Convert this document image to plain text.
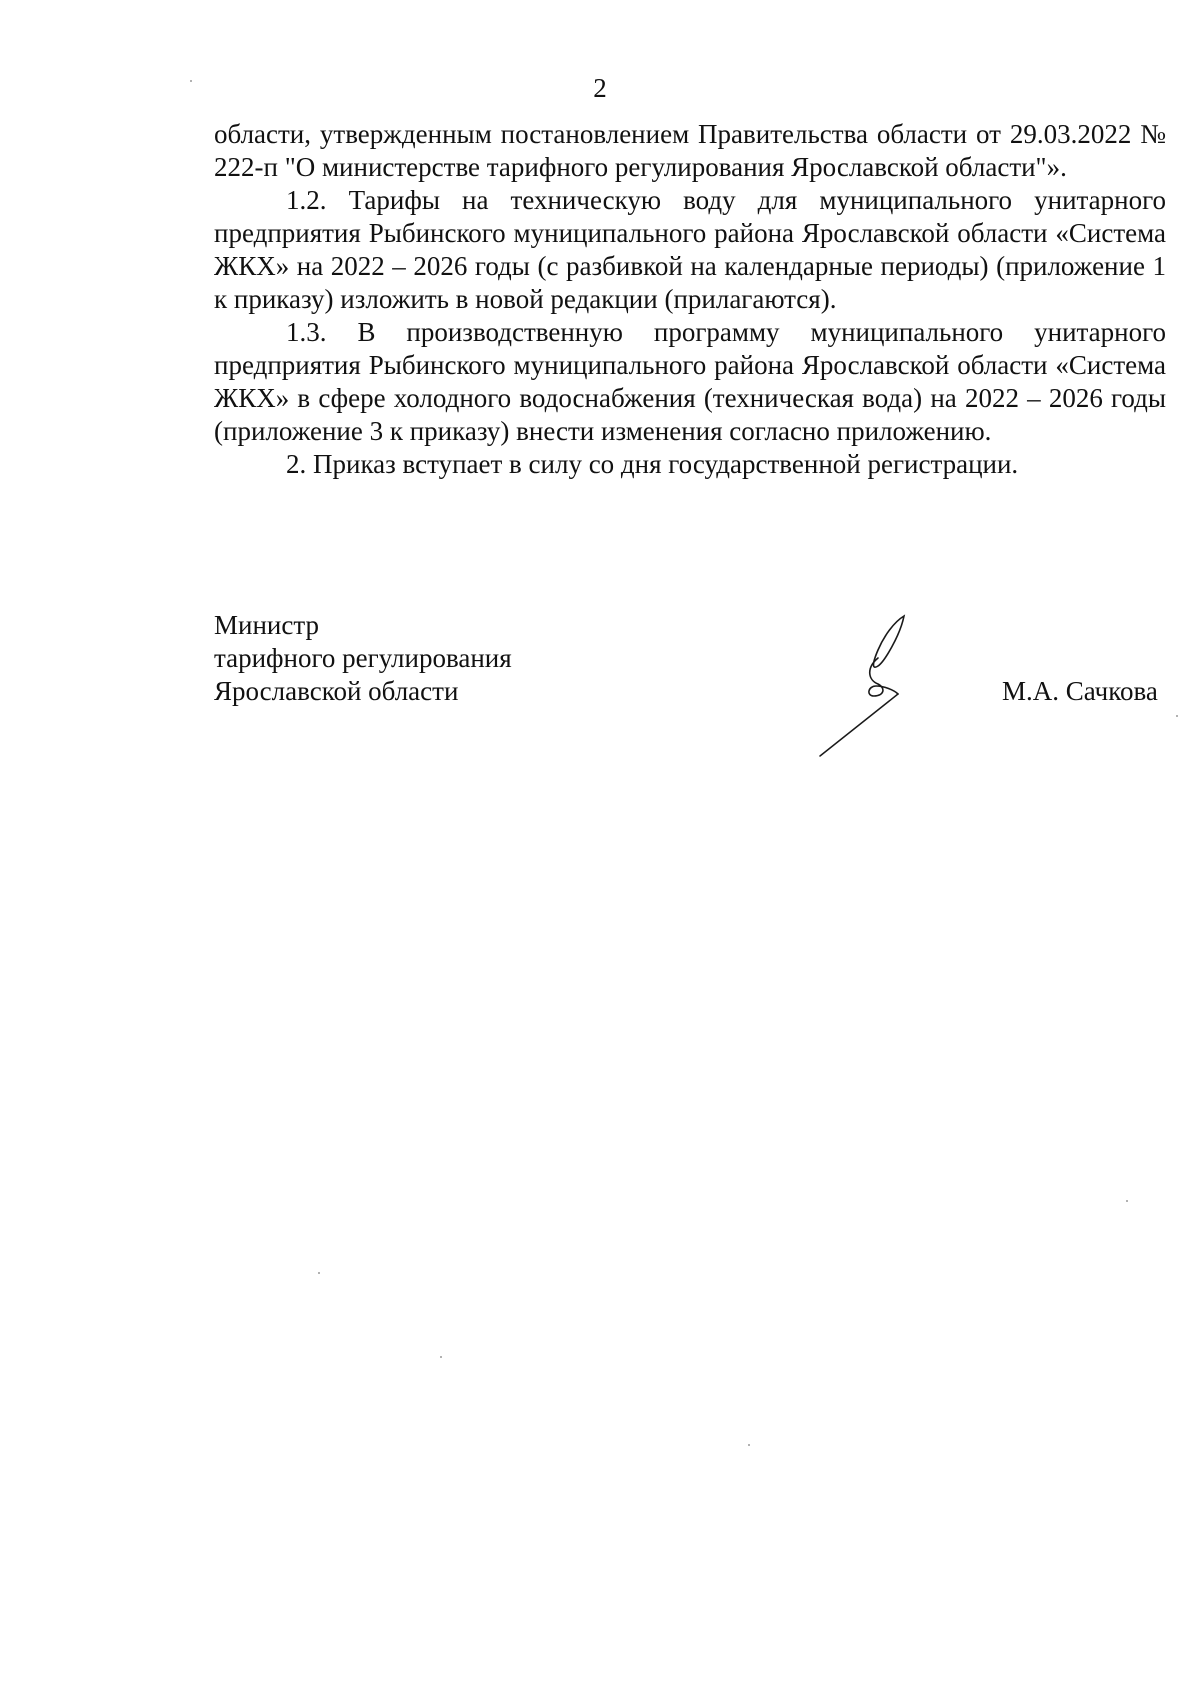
2

области, утвержденным постановлением Правительства области от 29.03.2022 № 222-п "О министерстве тарифного регулирования Ярославской области"».

1.2. Тарифы на техническую воду для муниципального унитарного предприятия Рыбинского муниципального района Ярославской области «Система ЖКХ» на 2022 – 2026 годы (с разбивкой на календарные периоды) (приложение 1 к приказу) изложить в новой редакции (прилагаются).

1.3. В производственную программу муниципального унитарного предприятия Рыбинского муниципального района Ярославской области «Система ЖКХ» в сфере холодного водоснабжения (техническая вода) на 2022 – 2026 годы (приложение 3 к приказу) внести изменения согласно приложению.

2. Приказ вступает в силу со дня государственной регистрации.

Министр
тарифного регулирования
Ярославской области	М.А. Сачкова
